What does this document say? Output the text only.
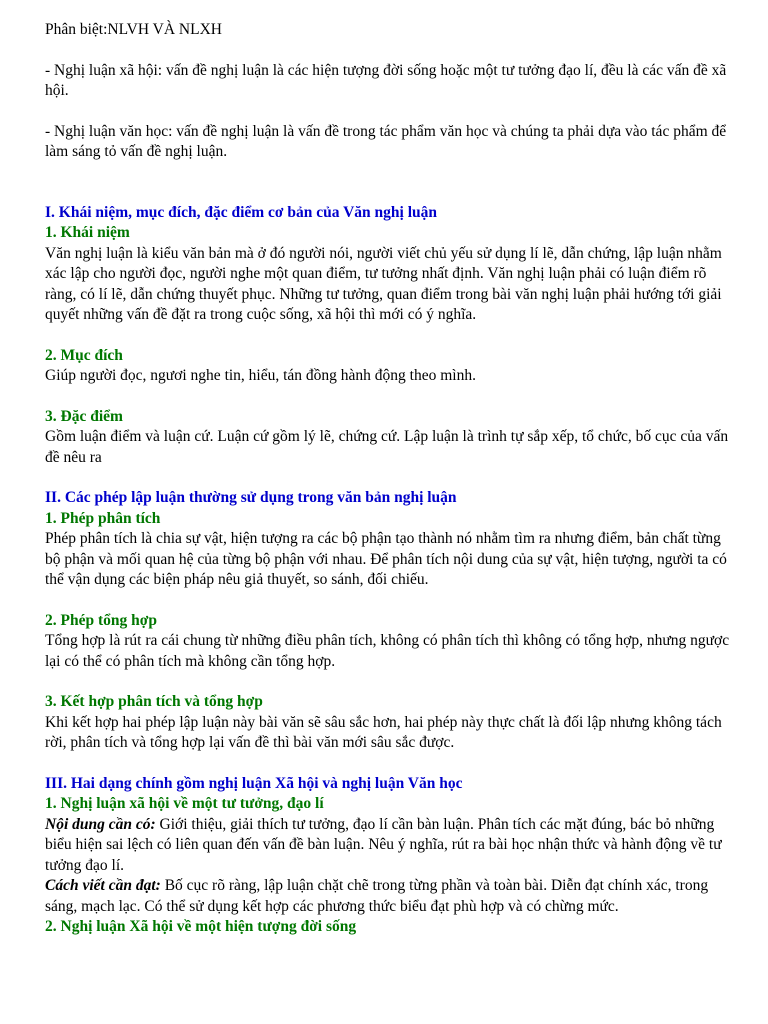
Phân biệt:NLVH VÀ NLXH

- Nghị luận xã hội: vấn đề nghị luận là các hiện tượng đời sống hoặc một tư tưởng đạo lí, đều là các vấn đề xã hội.

- Nghị luận văn học: vấn đề nghị luận là vấn đề trong tác phẩm văn học và chúng ta phải dựa vào tác phẩm để làm sáng tỏ vấn đề nghị luận.

I. Khái niệm, mục đích, đặc điểm cơ bản của Văn nghị luận

1. Khái niệm

Văn nghị luận là kiểu văn bản mà ở đó người nói, người viết chủ yếu sử dụng lí lẽ, dẫn chứng, lập luận nhằm xác lập cho người đọc, người nghe một quan điểm, tư tưởng nhất định. Văn nghị luận phải có luận điểm rõ ràng, có lí lẽ, dẫn chứng thuyết phục. Những tư tưởng, quan điểm trong bài văn nghị luận phải hướng tới giải quyết những vấn đề đặt ra trong cuộc sống, xã hội thì mới có ý nghĩa.

2. Mục đích

Giúp người đọc, ngươi nghe tin, hiểu, tán đồng hành động theo mình.

3. Đặc điểm

Gồm luận điểm và luận cứ. Luận cứ gồm lý lẽ, chứng cứ. Lập luận là trình tự sắp xếp, tổ chức, bố cục của vấn đề nêu ra

II. Các phép lập luận thường sử dụng trong văn bản nghị luận

1. Phép phân tích

Phép phân tích là chia sự vật, hiện tượng ra các bộ phận tạo thành nó nhằm tìm ra nhưng điểm, bản chất từng bộ phận và mối quan hệ của từng bộ phận với nhau. Để phân tích nội dung của sự vật, hiện tượng, người ta có thể vận dụng các biện pháp nêu giả thuyết, so sánh, đối chiếu.

2. Phép tổng hợp

Tổng hợp là rút ra cái chung từ những điều phân tích, không có phân tích thì không có tổng hợp, nhưng ngược lại có thể có phân tích mà không cần tổng hợp.

3. Kết hợp phân tích và tổng hợp

Khi kết hợp hai phép lập luận này bài văn sẽ sâu sắc hơn, hai phép này thực chất là đối lập nhưng không tách rời, phân tích và tổng hợp lại vấn đề thì bài văn mới sâu sắc được.

III. Hai dạng chính gồm nghị luận Xã hội và nghị luận Văn học

1. Nghị luận xã hội về một tư tưởng, đạo lí

Nội dung cần có: Giới thiệu, giải thích tư tưởng, đạo lí cần bàn luận. Phân tích các mặt đúng, bác bỏ những biểu hiện sai lệch có liên quan đến vấn đề bàn luận. Nêu ý nghĩa, rút ra bài học nhận thức và hành động về tư tưởng đạo lí.

Cách viết cần đạt: Bố cục rõ ràng, lập luận chặt chẽ trong từng phần và toàn bài. Diễn đạt chính xác, trong sáng, mạch lạc. Có thể sử dụng kết hợp các phương thức biểu đạt phù hợp và có chừng mức.

2. Nghị luận Xã hội về một hiện tượng đời sống
